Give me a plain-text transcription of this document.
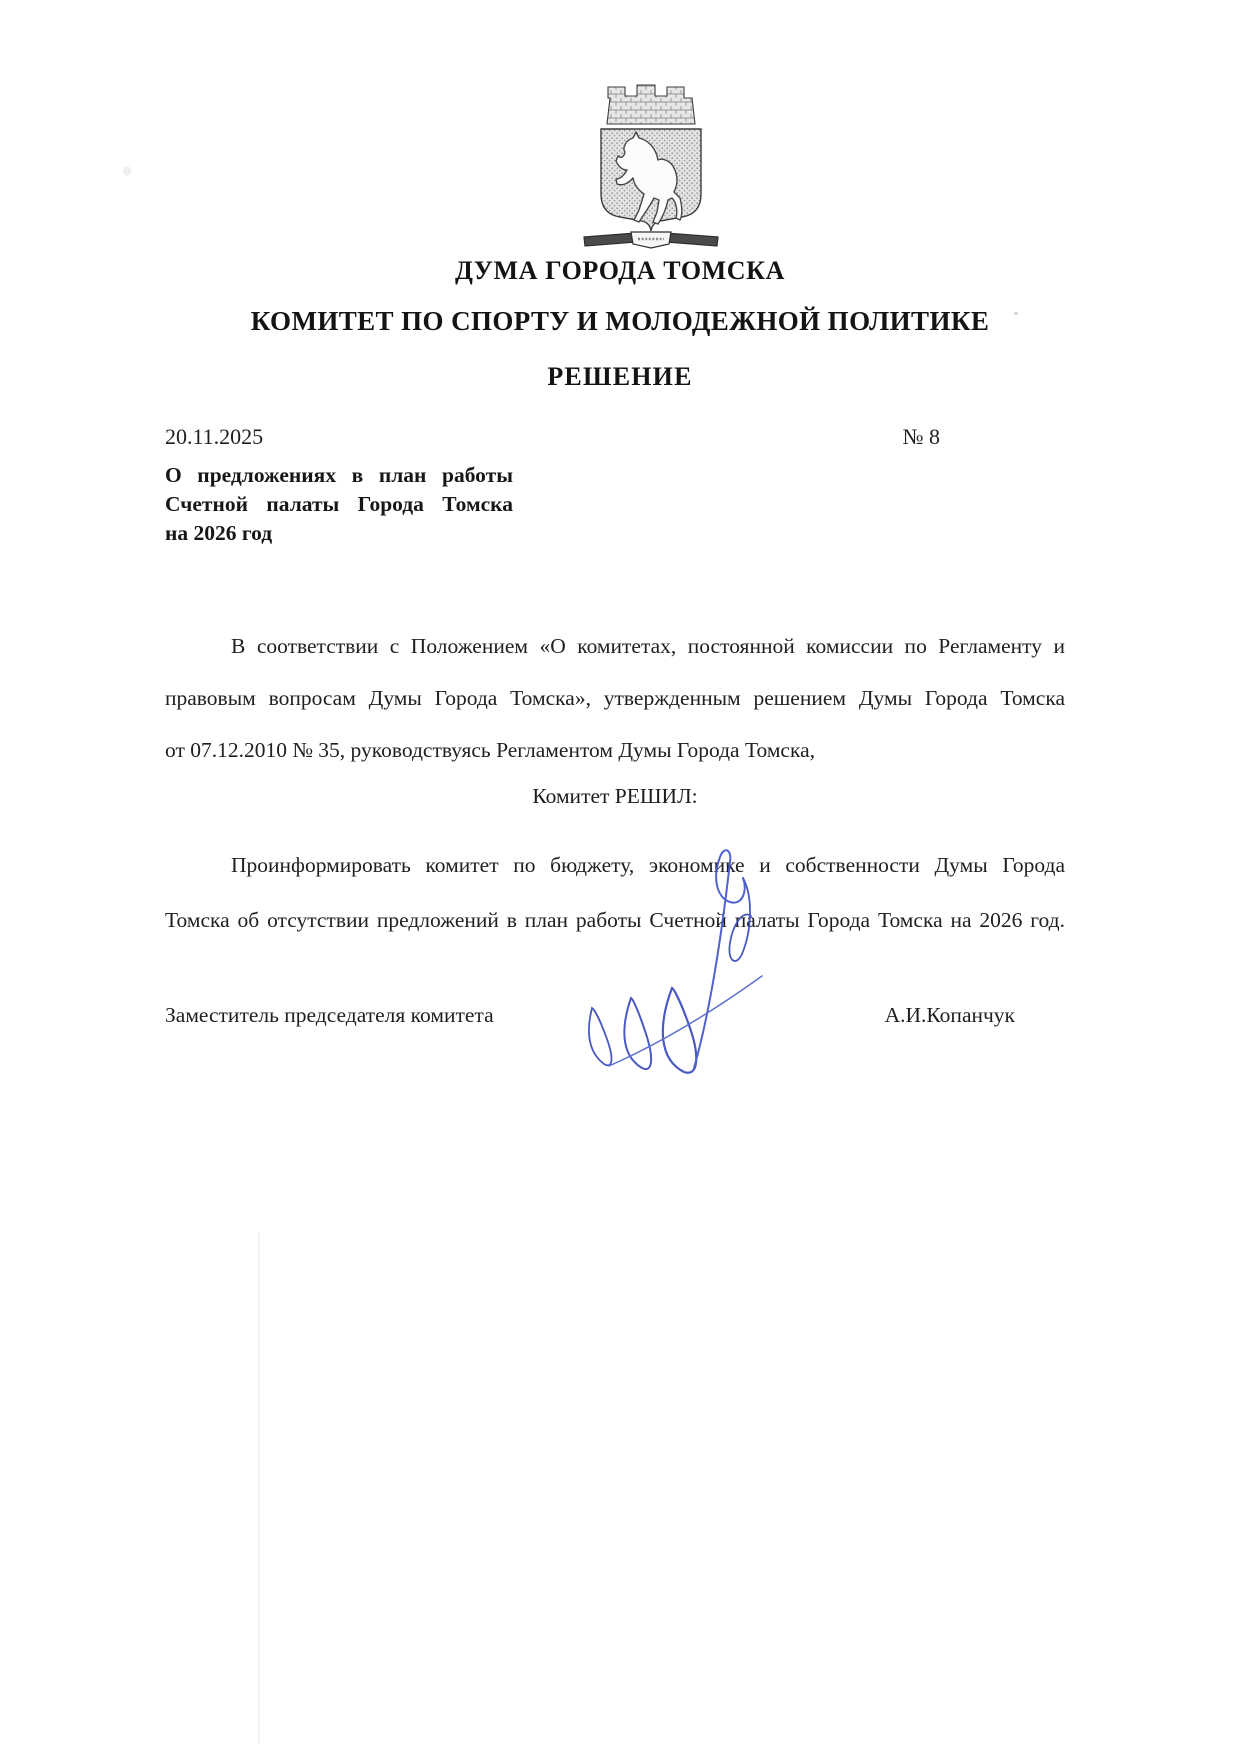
ДУМА ГОРОДА ТОМСКА
КОМИТЕТ ПО СПОРТУ И МОЛОДЕЖНОЙ ПОЛИТИКЕ
РЕШЕНИЕ
20.11.2025	№ 8
О предложениях в план работы
Счетной палаты Города Томска
на 2026 год
В соответствии с Положением «О комитетах, постоянной комиссии по Регламенту и
правовым вопросам Думы Города Томска», утвержденным решением Думы Города Томска
от 07.12.2010 № 35, руководствуясь Регламентом Думы Города Томска,
Комитет РЕШИЛ:
Проинформировать комитет по бюджету, экономике и собственности Думы Города
Томска об отсутствии предложений в план работы Счетной палаты Города Томска на 2026 год.
Заместитель председателя комитета	А.И.Копанчук
